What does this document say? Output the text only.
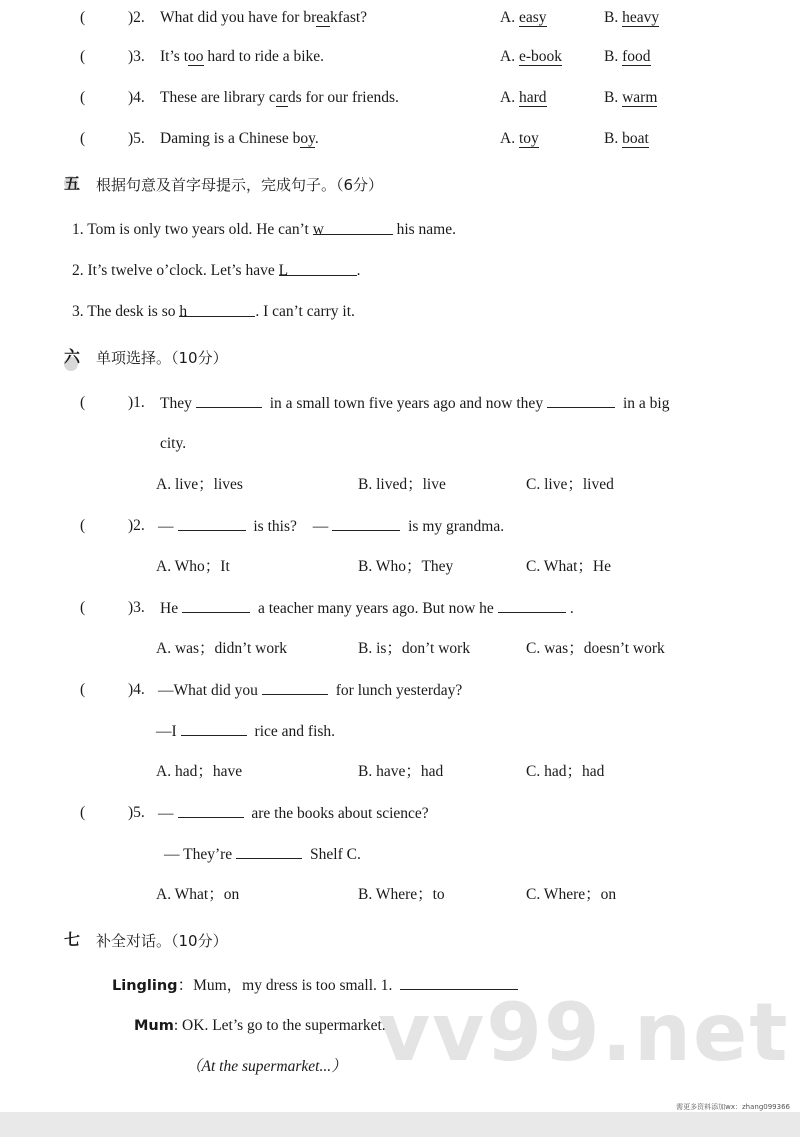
(	)2. What did you have for breakfast?	A. easy	B. heavy
(	)3. It’s too hard to ride a bike.	A. e-book	B. food
(	)4. These are library cards for our friends.	A. hard	B. warm
(	)5. Daming is a Chinese boy.	A. toy	B. boat
五 根据句意及首字母提示，完成句子。（6分）
1. Tom is only two years old. He can’t w	his name.
2. It’s twelve o’clock. Let’s have L	.
3. The desk is so h	. I can’t carry it.
六 单项选择。（10分）
(	)1. They	in a small town five years ago and now they	in a big
city.
A. live；lives	B. lived；live	C. live；lived
(	)2. —	is this? —	is my grandma.
A. Who；It	B. Who；They	C. What；He
(	)3. He	a teacher many years ago. But now he	.
A. was；didn’t work	B. is；don’t work	C. was；doesn’t work
(	)4. —What did you	for lunch yesterday?
—I	rice and fish.
A. had；have	B. have；had	C. had；had
(	)5. —	are the books about science?
— They’re	Shelf C.
A. What；on	B. Where；to	C. Where；on
七 补全对话。（10分）
Lingling：Mum，my dress is too small. 1.
Mum: OK. Let’s go to the supermarket.
（At the supermarket...） vv99.net
需更多资料添加wx：zhang099366
